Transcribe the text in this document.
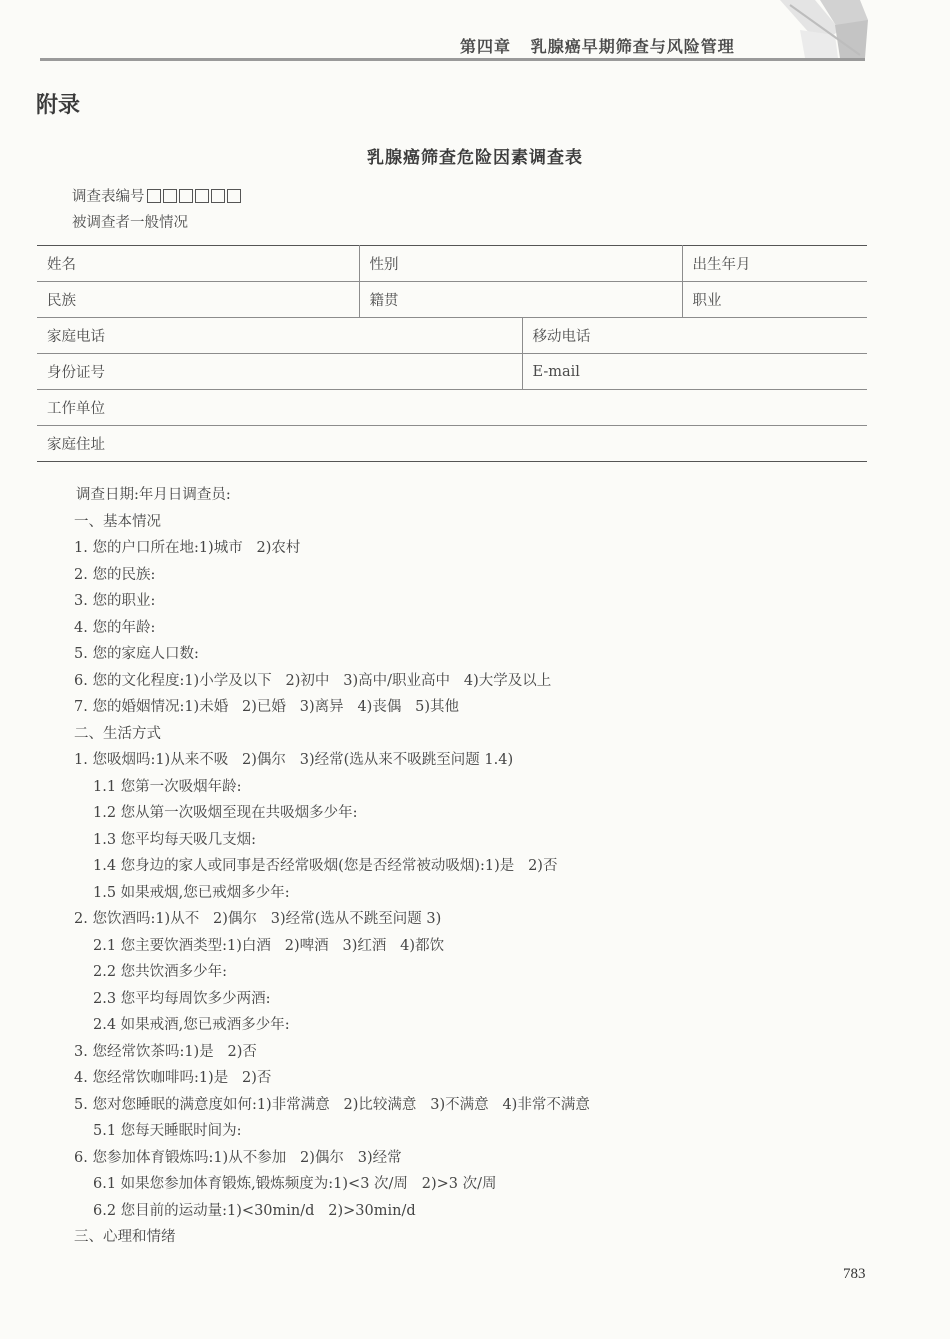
第四章   乳腺癌早期筛查与风险管理
附录
乳腺癌筛查危险因素调查表
调查表编号
被调查者一般情况
姓名	性别		出生年月
民族	籍贯		职业
家庭电话		移动电话	
身份证号		E-mail	
工作单位			
家庭住址			
调查日期:年月日调查员:
一、基本情况
1. 您的户口所在地:1)城市   2)农村
2. 您的民族:
3. 您的职业:
4. 您的年龄:
5. 您的家庭人口数:
6. 您的文化程度:1)小学及以下   2)初中   3)高中/职业高中   4)大学及以上
7. 您的婚姻情况:1)未婚   2)已婚   3)离异   4)丧偶   5)其他
二、生活方式
1. 您吸烟吗:1)从来不吸   2)偶尔   3)经常(选从来不吸跳至问题 1.4)
1.1 您第一次吸烟年龄:
1.2 您从第一次吸烟至现在共吸烟多少年:
1.3 您平均每天吸几支烟:
1.4 您身边的家人或同事是否经常吸烟(您是否经常被动吸烟):1)是   2)否
1.5 如果戒烟,您已戒烟多少年:
2. 您饮酒吗:1)从不   2)偶尔   3)经常(选从不跳至问题 3)
2.1 您主要饮酒类型:1)白酒   2)啤酒   3)红酒   4)都饮
2.2 您共饮酒多少年:
2.3 您平均每周饮多少两酒:
2.4 如果戒酒,您已戒酒多少年:
3. 您经常饮茶吗:1)是   2)否
4. 您经常饮咖啡吗:1)是   2)否
5. 您对您睡眠的满意度如何:1)非常满意   2)比较满意   3)不满意   4)非常不满意
5.1 您每天睡眠时间为:
6. 您参加体育锻炼吗:1)从不参加   2)偶尔   3)经常
6.1 如果您参加体育锻炼,锻炼频度为:1)<3 次/周   2)>3 次/周
6.2 您目前的运动量:1)<30min/d   2)>30min/d
三、心理和情绪
783
